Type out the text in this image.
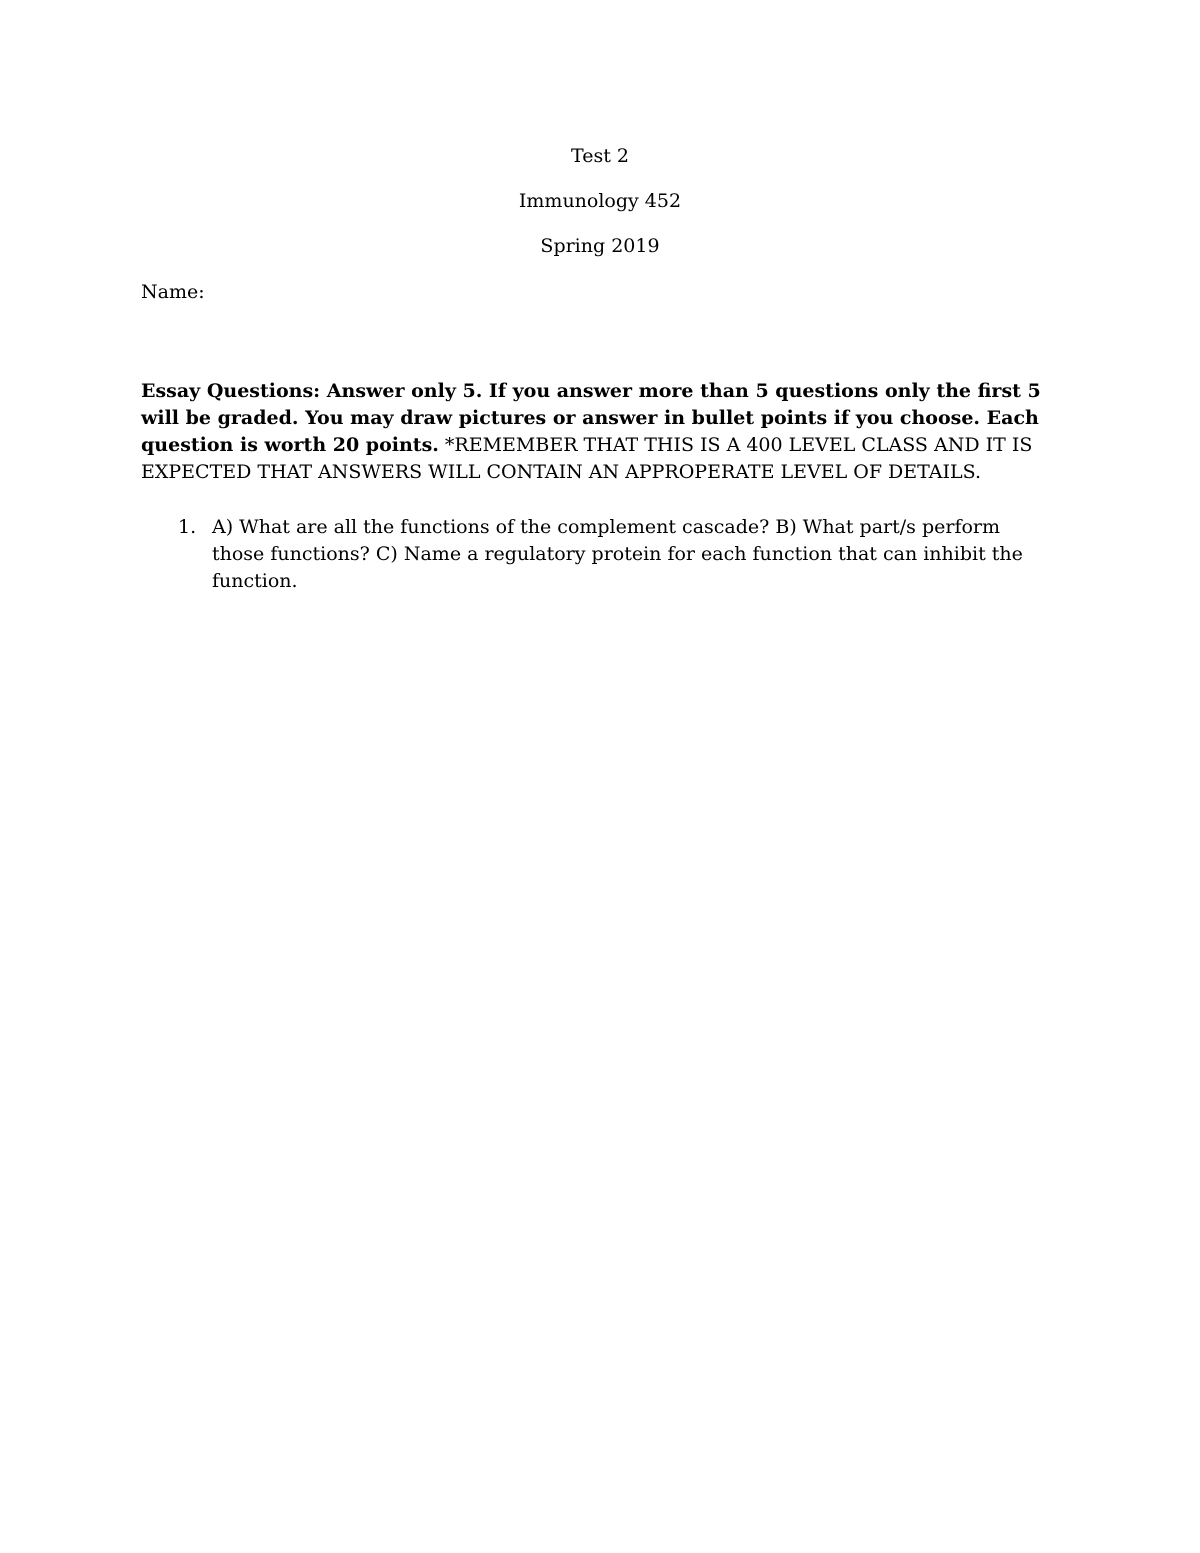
Test 2
Immunology 452
Spring 2019
Name:
Essay Questions: Answer only 5. If you answer more than 5 questions only the first 5 will be graded. You may draw pictures or answer in bullet points if you choose. Each question is worth 20 points. *REMEMBER THAT THIS IS A 400 LEVEL CLASS AND IT IS EXPECTED THAT ANSWERS WILL CONTAIN AN APPROPERATE LEVEL OF DETAILS.
1. A) What are all the functions of the complement cascade? B) What part/s perform those functions? C) Name a regulatory protein for each function that can inhibit the function.
